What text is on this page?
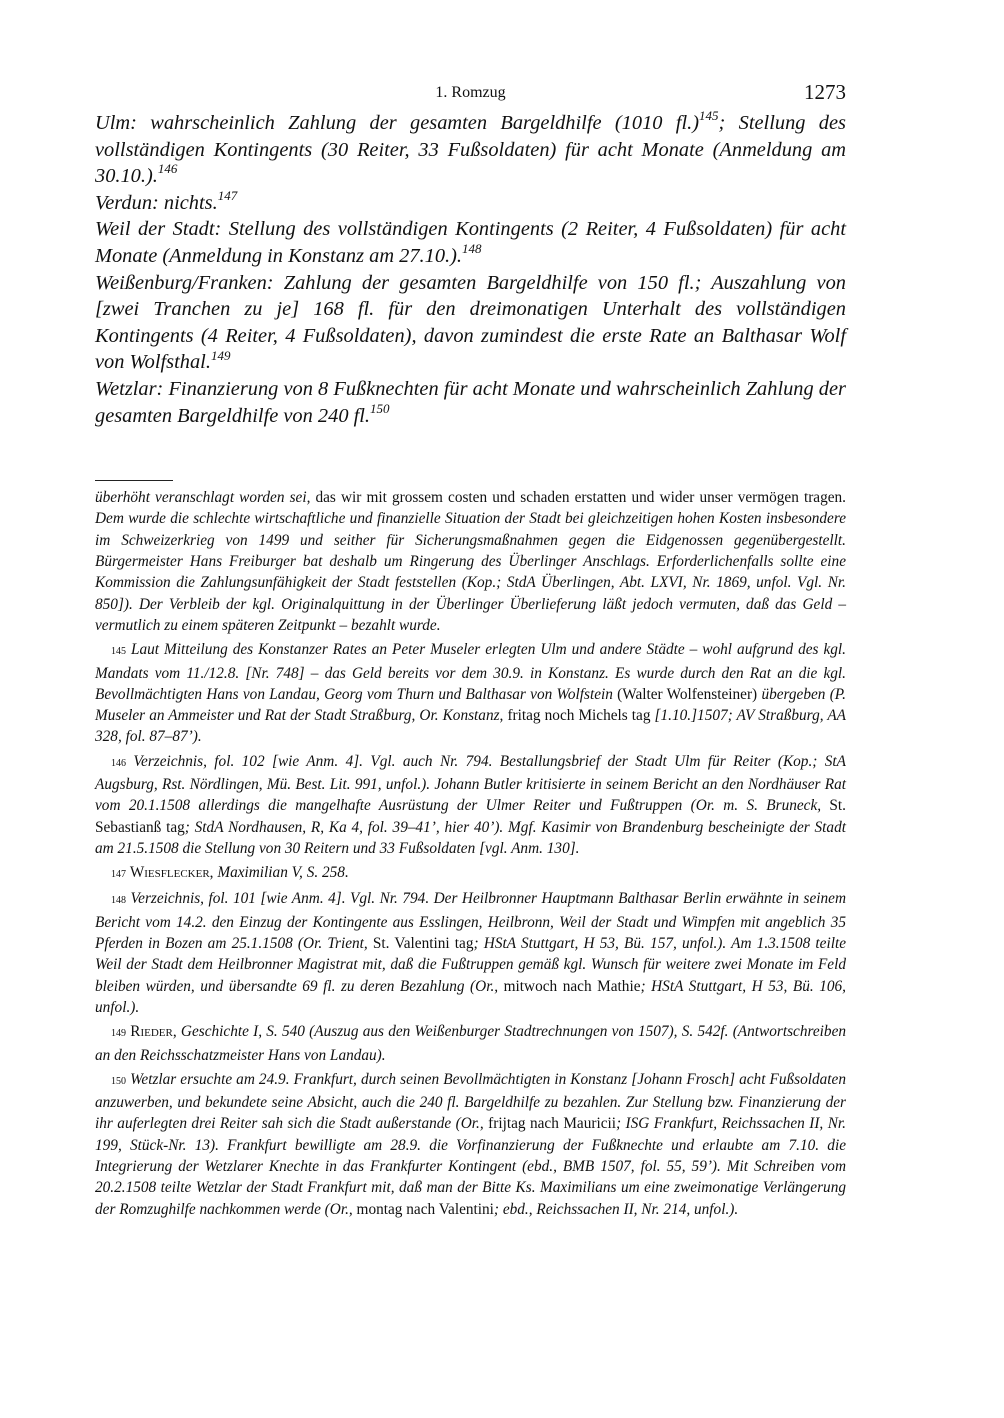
1. Romzug	1273

Ulm: wahrscheinlich Zahlung der gesamten Bargeldhilfe (1010 fl.)$^{145}$; Stellung des vollständigen Kontingents (30 Reiter, 33 Fußsoldaten) für acht Monate (Anmeldung am 30.10.).$^{146}$

Verdun: nichts.$^{147}$

Weil der Stadt: Stellung des vollständigen Kontingents (2 Reiter, 4 Fußsoldaten) für acht Monate (Anmeldung in Konstanz am 27.10.).$^{148}$

Weißenburg/Franken: Zahlung der gesamten Bargeldhilfe von 150 fl.; Auszahlung von [zwei Tranchen zu je] 168 fl. für den dreimonatigen Unterhalt des vollständigen Kontingents (4 Reiter, 4 Fußsoldaten), davon zumindest die erste Rate an Balthasar Wolf von Wolfsthal.$^{149}$

Wetzlar: Finanzierung von 8 Fußknechten für acht Monate und wahrscheinlich Zahlung der gesamten Bargeldhilfe von 240 fl.$^{150}$

überhöht veranschlagt worden sei, das wir mit grossem costen und schaden erstatten und wider unser vermögen tragen. Dem wurde die schlechte wirtschaftliche und finanzielle Situation der Stadt bei gleichzeitigen hohen Kosten insbesondere im Schweizerkrieg von 1499 und seither für Sicherungsmaßnahmen gegen die Eidgenossen gegenübergestellt. Bürgermeister Hans Freiburger bat deshalb um Ringerung des Überlinger Anschlags. Erforderlichenfalls sollte eine Kommission die Zahlungsunfähigkeit der Stadt feststellen (Kop.; StdA Überlingen, Abt. LXVI, Nr. 1869, unfol. Vgl. Nr. 850]). Der Verbleib der kgl. Originalquittung in der Überlinger Überlieferung läßt jedoch vermuten, daß das Geld – vermutlich zu einem späteren Zeitpunkt – bezahlt wurde.

145 Laut Mitteilung des Konstanzer Rates an Peter Museler erlegten Ulm und andere Städte – wohl aufgrund des kgl. Mandats vom 11./12.8. [Nr. 748] – das Geld bereits vor dem 30.9. in Konstanz. Es wurde durch den Rat an die kgl. Bevollmächtigten Hans von Landau, Georg vom Thurn und Balthasar von Wolfstein (Walter Wolfensteiner) übergeben (P. Museler an Ammeister und Rat der Stadt Straßburg, Or. Konstanz, fritag noch Michels tag [1.10.]1507; AV Straßburg, AA 328, fol. 87–87’).

146 Verzeichnis, fol. 102 [wie Anm. 4]. Vgl. auch Nr. 794. Bestallungsbrief der Stadt Ulm für Reiter (Kop.; StA Augsburg, Rst. Nördlingen, Mü. Best. Lit. 991, unfol.). Johann Butler kritisierte in seinem Bericht an den Nordhäuser Rat vom 20.1.1508 allerdings die mangelhafte Ausrüstung der Ulmer Reiter und Fußtruppen (Or. m. S. Bruneck, St. Sebastianß tag; StdA Nordhausen, R, Ka 4, fol. 39–41’, hier 40’). Mgf. Kasimir von Brandenburg bescheinigte der Stadt am 21.5.1508 die Stellung von 30 Reitern und 33 Fußsoldaten [vgl. Anm. 130].

147 Wiesflecker, Maximilian V, S. 258.

148 Verzeichnis, fol. 101 [wie Anm. 4]. Vgl. Nr. 794. Der Heilbronner Hauptmann Balthasar Berlin erwähnte in seinem Bericht vom 14.2. den Einzug der Kontingente aus Esslingen, Heilbronn, Weil der Stadt und Wimpfen mit angeblich 35 Pferden in Bozen am 25.1.1508 (Or. Trient, St. Valentini tag; HStA Stuttgart, H 53, Bü. 157, unfol.). Am 1.3.1508 teilte Weil der Stadt dem Heilbronner Magistrat mit, daß die Fußtruppen gemäß kgl. Wunsch für weitere zwei Monate im Feld bleiben würden, und übersandte 69 fl. zu deren Bezahlung (Or., mitwoch nach Mathie; HStA Stuttgart, H 53, Bü. 106, unfol.).

149 Rieder, Geschichte I, S. 540 (Auszug aus den Weißenburger Stadtrechnungen von 1507), S. 542f. (Antwortschreiben an den Reichsschatzmeister Hans von Landau).

150 Wetzlar ersuchte am 24.9. Frankfurt, durch seinen Bevollmächtigten in Konstanz [Johann Frosch] acht Fußsoldaten anzuwerben, und bekundete seine Absicht, auch die 240 fl. Bargeldhilfe zu bezahlen. Zur Stellung bzw. Finanzierung der ihr auferlegten drei Reiter sah sich die Stadt außerstande (Or., frijtag nach Mauricii; ISG Frankfurt, Reichssachen II, Nr. 199, Stück-Nr. 13). Frankfurt bewilligte am 28.9. die Vorfinanzierung der Fußknechte und erlaubte am 7.10. die Integrierung der Wetzlarer Knechte in das Frankfurter Kontingent (ebd., BMB 1507, fol. 55, 59’). Mit Schreiben vom 20.2.1508 teilte Wetzlar der Stadt Frankfurt mit, daß man der Bitte Ks. Maximilians um eine zweimonatige Verlängerung der Romzughilfe nachkommen werde (Or., montag nach Valentini; ebd., Reichssachen II, Nr. 214, unfol.).
